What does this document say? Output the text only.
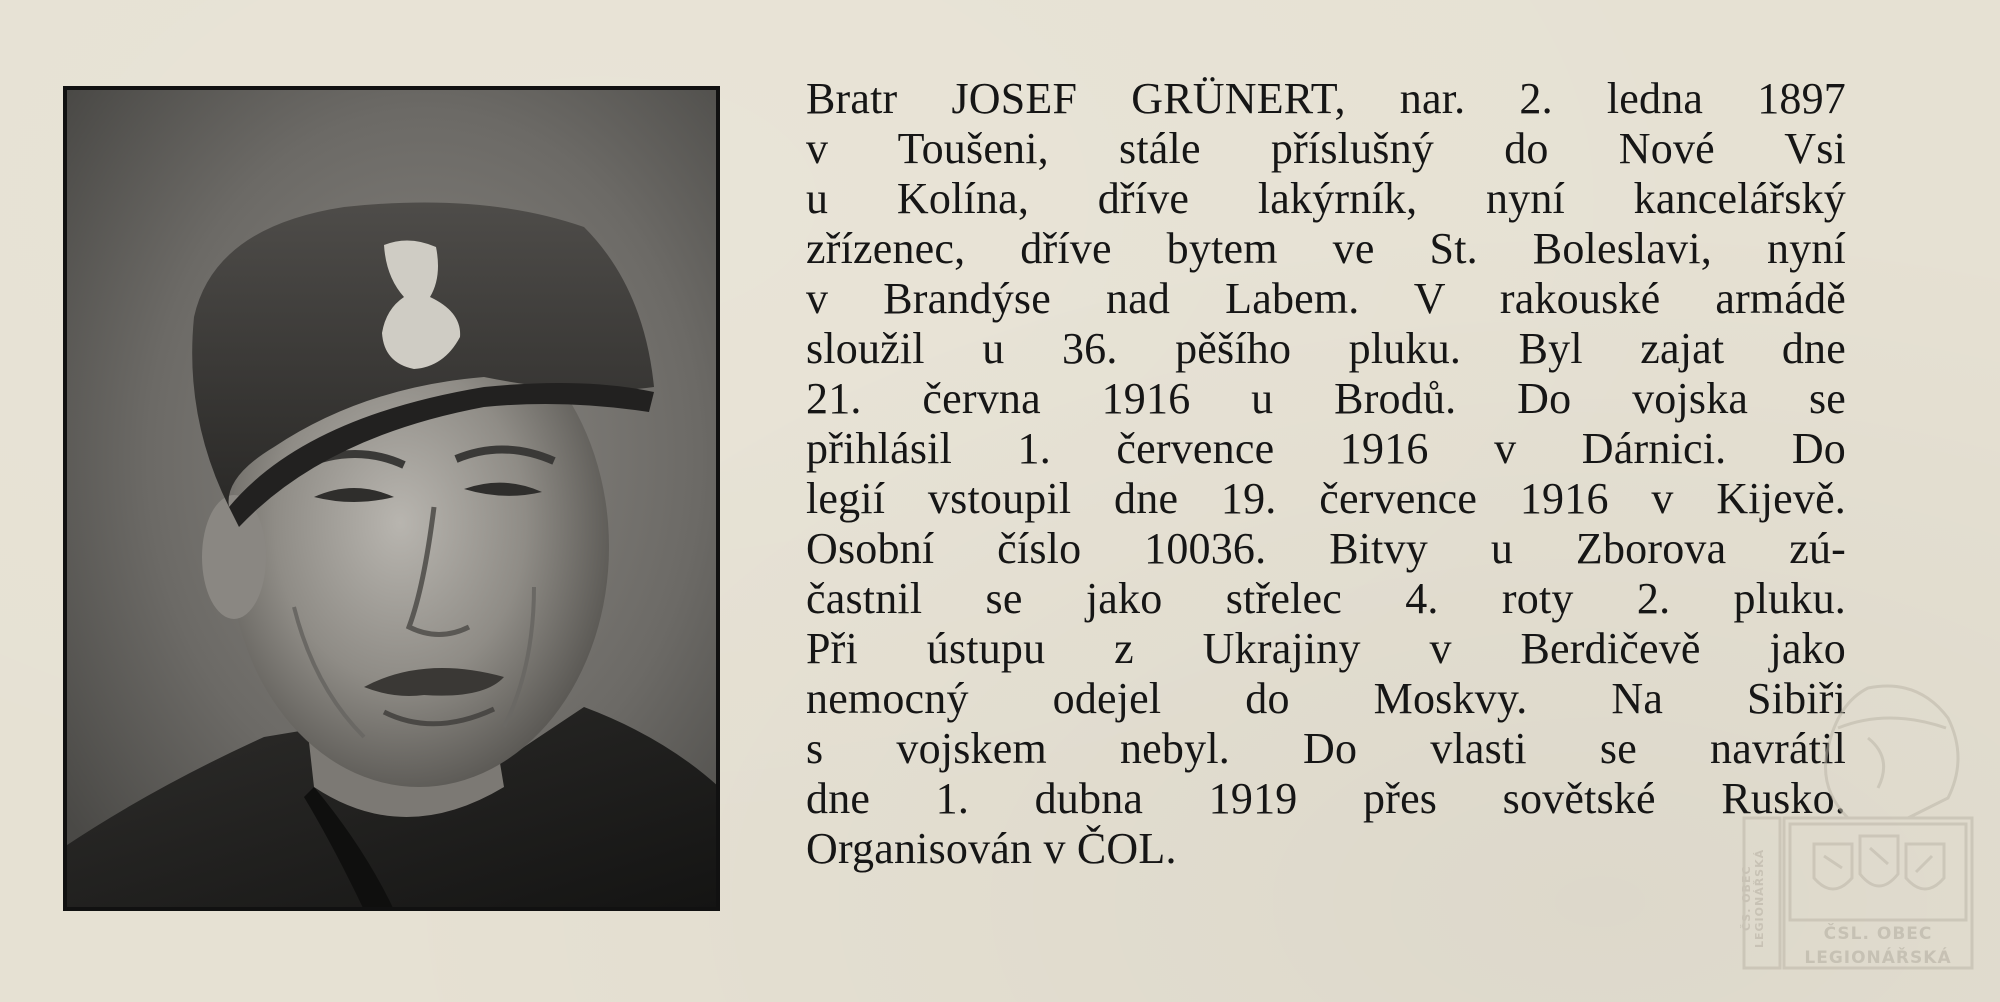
Bratr JOSEF GRÜNERT, nar. 2. ledna 1897
v Toušeni, stále příslušný do Nové Vsi
u Kolína, dříve lakýrník, nyní kancelářský
zřízenec, dříve bytem ve St. Boleslavi, nyní
v Brandýse nad Labem. V rakouské armádě
sloužil u 36. pěšího pluku. Byl zajat dne
21. června 1916 u Brodů. Do vojska se
přihlásil 1. července 1916 v Dárnici. Do
legií vstoupil dne 19. července 1916 v Kijevě.
Osobní číslo 10036. Bitvy u Zborova zú-
častnil se jako střelec 4. roty 2. pluku.
Při ústupu z Ukrajiny v Berdičevě jako
nemocný odejel do Moskvy. Na Sibiři
s vojskem nebyl. Do vlasti se navrátil
dne 1. dubna 1919 přes sovětské Rusko.
Organisován v ČOL.
ČS. OBEC LEGIONÁŘSKÁ	ČSL. OBEC
LEGIONÁŘSKÁ
